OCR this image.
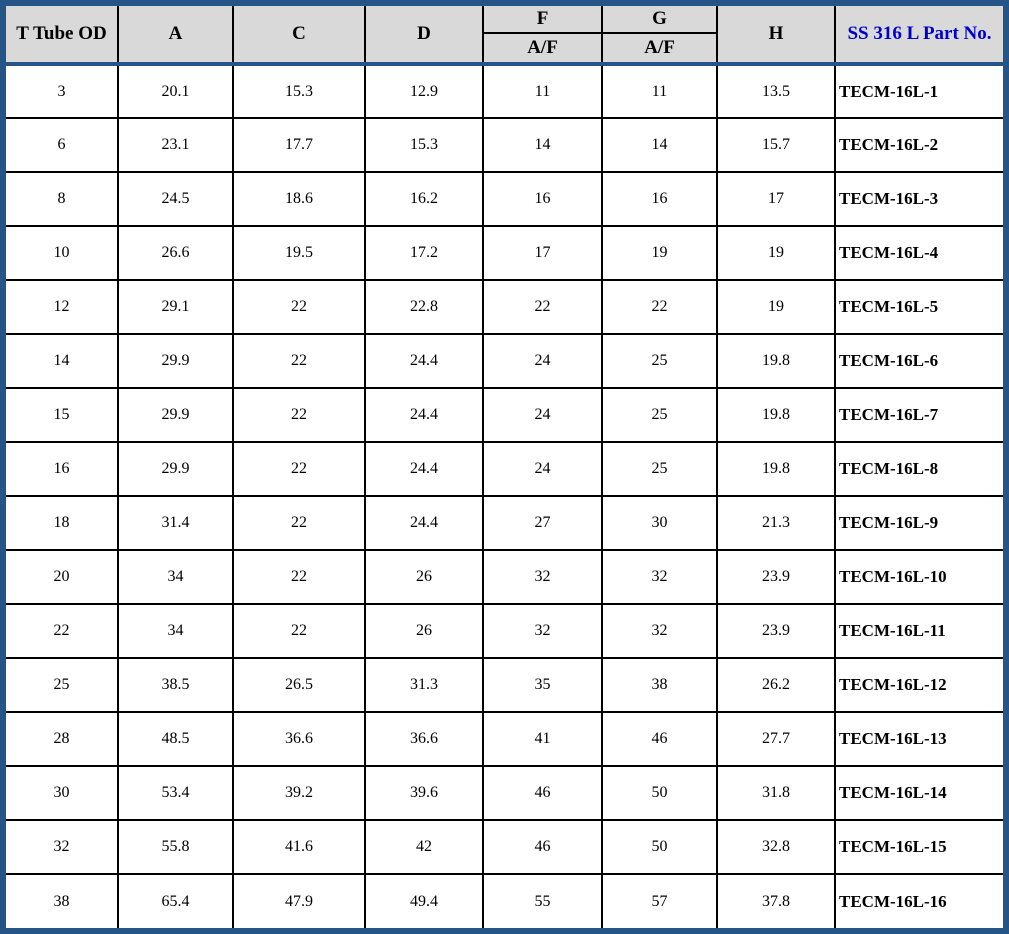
T Tube OD	A	C	D	F	G	H	SS 316 L Part No.
				A/F	A/F		
3	20.1	15.3	12.9	11	11	13.5	TECM-16L-1
6	23.1	17.7	15.3	14	14	15.7	TECM-16L-2
8	24.5	18.6	16.2	16	16	17	TECM-16L-3
10	26.6	19.5	17.2	17	19	19	TECM-16L-4
12	29.1	22	22.8	22	22	19	TECM-16L-5
14	29.9	22	24.4	24	25	19.8	TECM-16L-6
15	29.9	22	24.4	24	25	19.8	TECM-16L-7
16	29.9	22	24.4	24	25	19.8	TECM-16L-8
18	31.4	22	24.4	27	30	21.3	TECM-16L-9
20	34	22	26	32	32	23.9	TECM-16L-10
22	34	22	26	32	32	23.9	TECM-16L-11
25	38.5	26.5	31.3	35	38	26.2	TECM-16L-12
28	48.5	36.6	36.6	41	46	27.7	TECM-16L-13
30	53.4	39.2	39.6	46	50	31.8	TECM-16L-14
32	55.8	41.6	42	46	50	32.8	TECM-16L-15
38	65.4	47.9	49.4	55	57	37.8	TECM-16L-16
